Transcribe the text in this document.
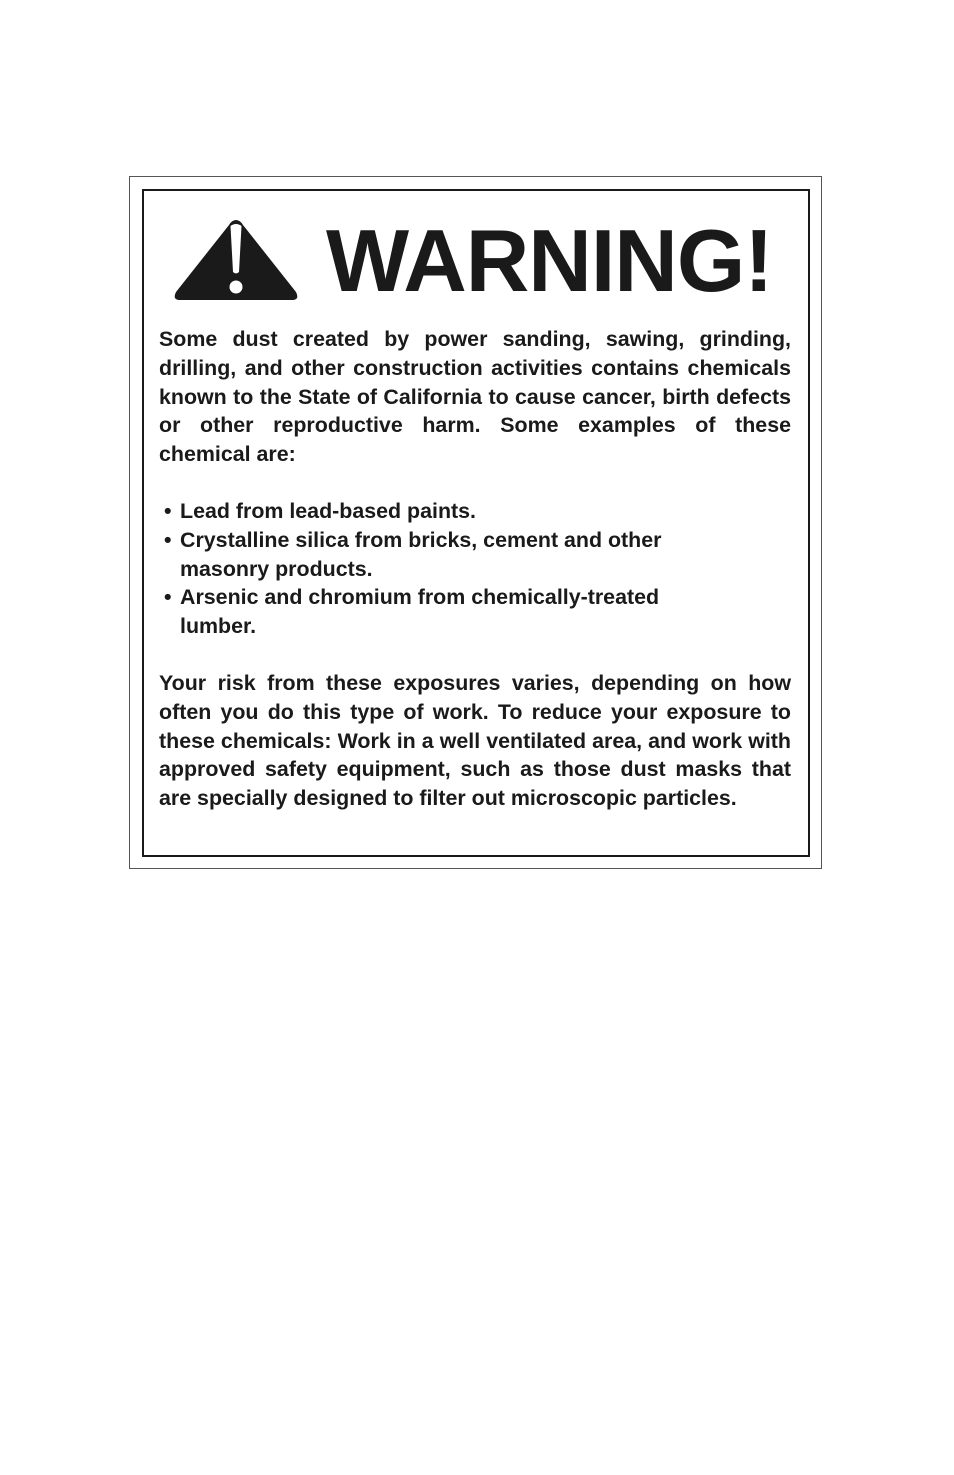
WARNING!

Some dust created by power sanding, sawing, grinding, drilling, and other construction activities contains chemicals known to the State of California to cause cancer, birth defects or other reproductive harm. Some examples of these chemical are:

• Lead from lead-based paints.
• Crystalline silica from bricks, cement and other masonry products.
• Arsenic and chromium from chemically-treated lumber.

Your risk from these exposures varies, depending on how often you do this type of work. To reduce your exposure to these chemicals: Work in a well ventilated area, and work with approved safety equipment, such as those dust masks that are specially designed to filter out microscopic particles.
